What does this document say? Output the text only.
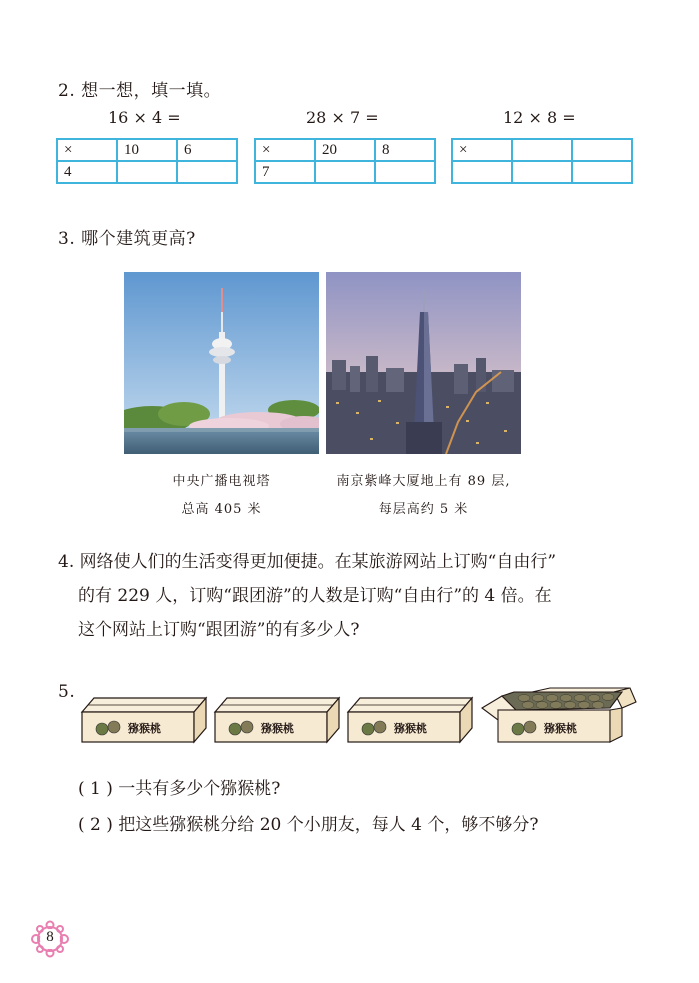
2. 想一想，填一填。
16 × 4 =	28 × 7 =	12 × 8 =
×	10	6
4		
×	20	8
7		
×		

3. 哪个建筑更高?
中央广播电视塔
总高 405 米
南京紫峰大厦地上有 89 层,
每层高约 5 米
4. 网络使人们的生活变得更加便捷。在某旅游网站上订购“自由行”
的有 229 人，订购“跟团游”的人数是订购“自由行”的 4 倍。在
这个网站上订购“跟团游”的有多少人?
5.
猕猴桃	猕猴桃	猕猴桃	猕猴桃
( 1 ) 一共有多少个猕猴桃?
( 2 ) 把这些猕猴桃分给 20 个小朋友，每人 4 个，够不够分?
8
